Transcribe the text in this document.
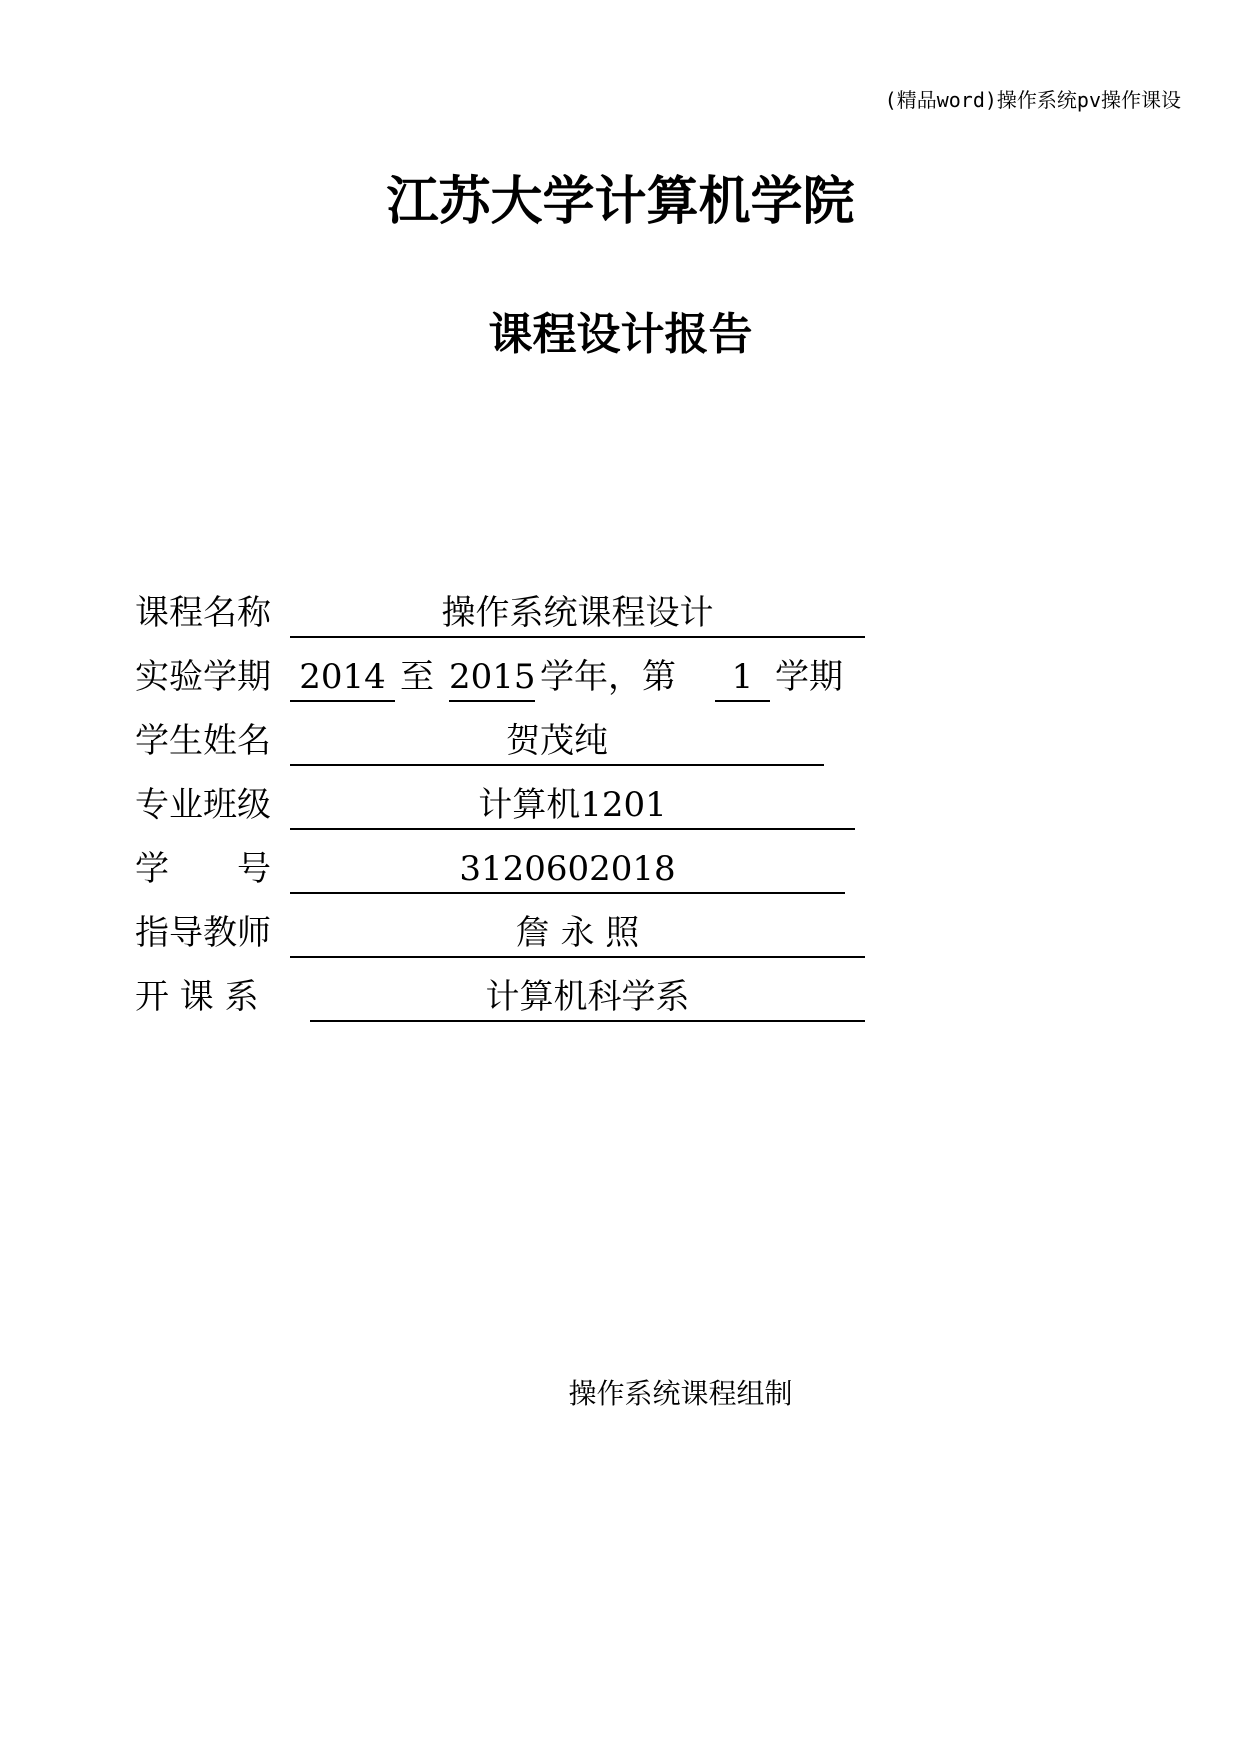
(精品word)操作系统pv操作课设
江苏大学计算机学院
课程设计报告
课程名称	操作系统课程设计
实验学期 2014 至 2015 学年，第	1 学期
学生姓名	贺茂纯
专业班级	计算机1201
学　　号	3120602018
指导教师	詹 永 照
开 课 系	计算机科学系
操作系统课程组制
